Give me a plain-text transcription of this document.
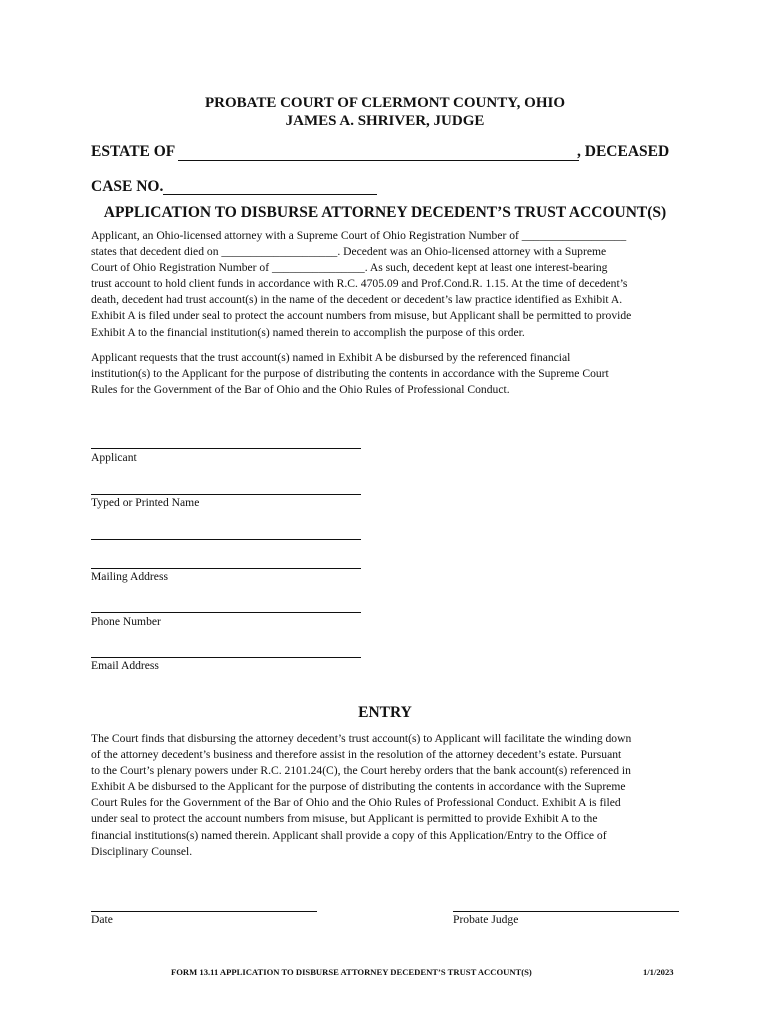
PROBATE COURT OF CLERMONT COUNTY, OHIO
JAMES A. SHRIVER, JUDGE
ESTATE OF	, DECEASED
CASE NO.
APPLICATION TO DISBURSE ATTORNEY DECEDENT’S TRUST ACCOUNT(S)
Applicant, an Ohio-licensed attorney with a Supreme Court of Ohio Registration Number of __________________
states that decedent died on ____________________. Decedent was an Ohio-licensed attorney with a Supreme
Court of Ohio Registration Number of ________________. As such, decedent kept at least one interest-bearing
trust account to hold client funds in accordance with R.C. 4705.09 and Prof.Cond.R. 1.15. At the time of decedent’s
death, decedent had trust account(s) in the name of the decedent or decedent’s law practice identified as Exhibit A.
Exhibit A is filed under seal to protect the account numbers from misuse, but Applicant shall be permitted to provide
Exhibit A to the financial institution(s) named therein to accomplish the purpose of this order.
Applicant requests that the trust account(s) named in Exhibit A be disbursed by the referenced financial
institution(s) to the Applicant for the purpose of distributing the contents in accordance with the Supreme Court
Rules for the Government of the Bar of Ohio and the Ohio Rules of Professional Conduct.
Applicant
Typed or Printed Name
Mailing Address
Phone Number
Email Address
ENTRY
The Court finds that disbursing the attorney decedent’s trust account(s) to Applicant will facilitate the winding down
of the attorney decedent’s business and therefore assist in the resolution of the attorney decedent’s estate. Pursuant
to the Court’s plenary powers under R.C. 2101.24(C), the Court hereby orders that the bank account(s) referenced in
Exhibit A be disbursed to the Applicant for the purpose of distributing the contents in accordance with the Supreme
Court Rules for the Government of the Bar of Ohio and the Ohio Rules of Professional Conduct. Exhibit A is filed
under seal to protect the account numbers from misuse, but Applicant is permitted to provide Exhibit A to the
financial institutions(s) named therein. Applicant shall provide a copy of this Application/Entry to the Office of
Disciplinary Counsel.
Date	Probate Judge
FORM 13.11 APPLICATION TO DISBURSE ATTORNEY DECEDENT’S TRUST ACCOUNT(S)	1/1/2023
